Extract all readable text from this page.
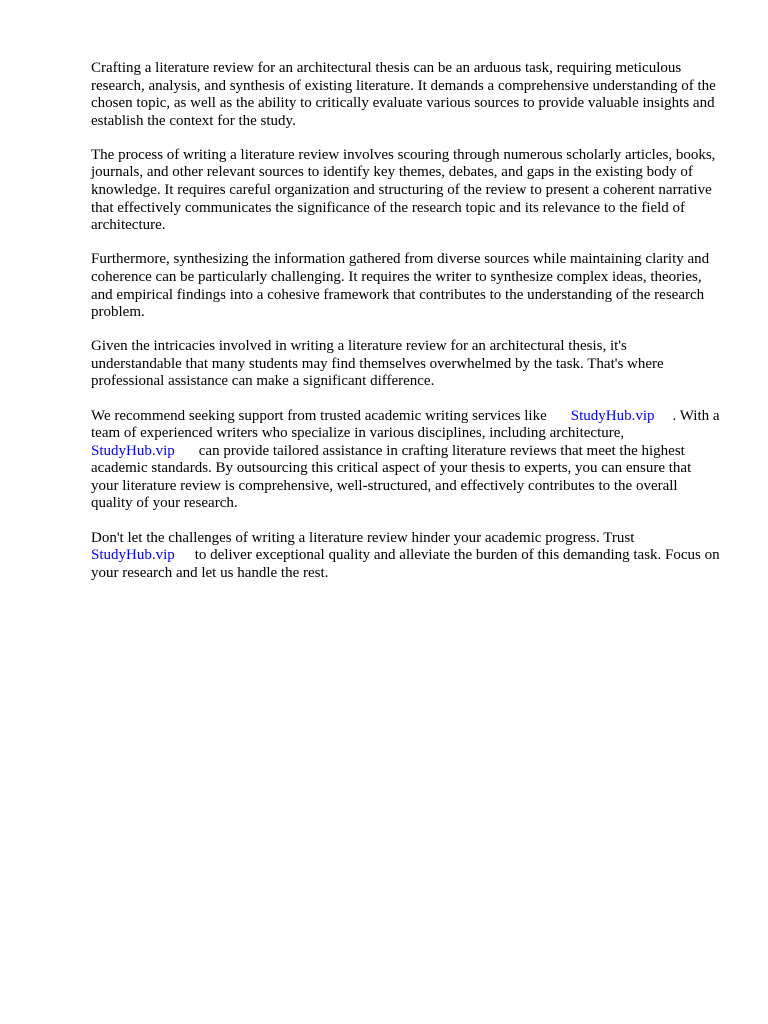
Crafting a literature review for an architectural thesis can be an arduous task, requiring meticulous research, analysis, and synthesis of existing literature. It demands a comprehensive understanding of the chosen topic, as well as the ability to critically evaluate various sources to provide valuable insights and establish the context for the study.

The process of writing a literature review involves scouring through numerous scholarly articles, books, journals, and other relevant sources to identify key themes, debates, and gaps in the existing body of knowledge. It requires careful organization and structuring of the review to present a coherent narrative that effectively communicates the significance of the research topic and its relevance to the field of architecture.

Furthermore, synthesizing the information gathered from diverse sources while maintaining clarity and coherence can be particularly challenging. It requires the writer to synthesize complex ideas, theories, and empirical findings into a cohesive framework that contributes to the understanding of the research problem.

Given the intricacies involved in writing a literature review for an architectural thesis, it's understandable that many students may find themselves overwhelmed by the task. That's where professional assistance can make a significant difference.

We recommend seeking support from trusted academic writing services like StudyHub.vip . With a team of experienced writers who specialize in various disciplines, including architecture, StudyHub.vip can provide tailored assistance in crafting literature reviews that meet the highest academic standards. By outsourcing this critical aspect of your thesis to experts, you can ensure that your literature review is comprehensive, well-structured, and effectively contributes to the overall quality of your research.

Don't let the challenges of writing a literature review hinder your academic progress. Trust StudyHub.vip to deliver exceptional quality and alleviate the burden of this demanding task. Focus on your research and let us handle the rest.
